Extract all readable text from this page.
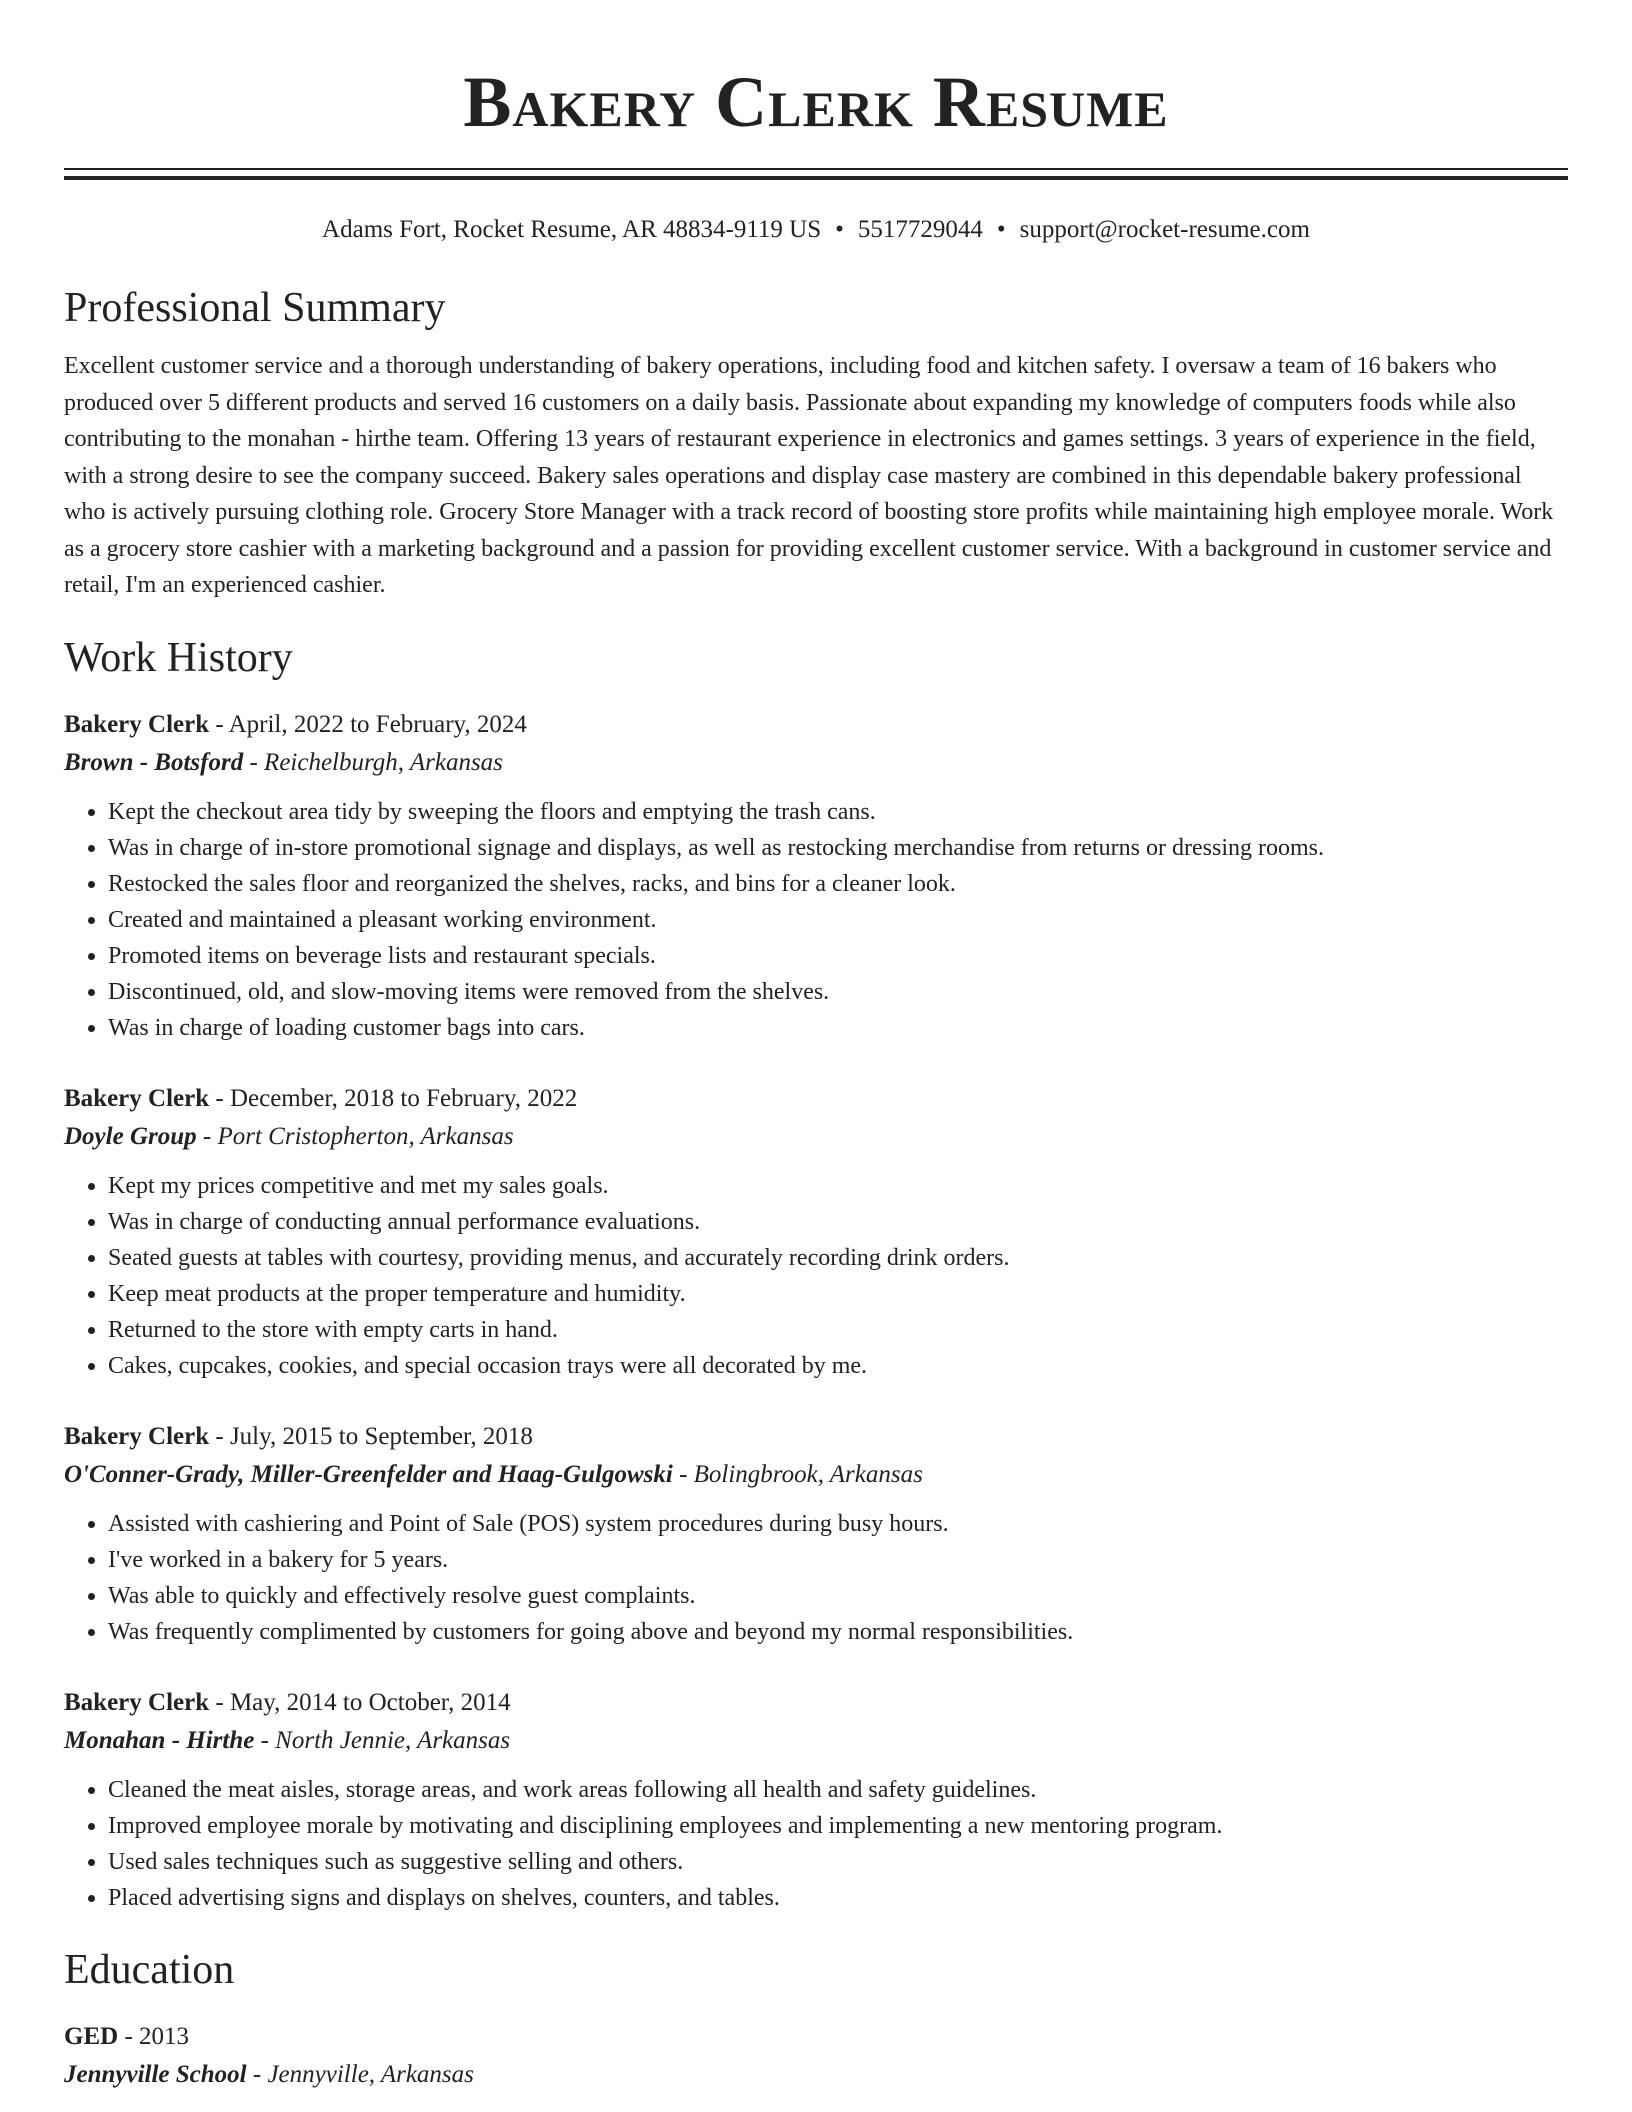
Bakery Clerk Resume
Adams Fort, Rocket Resume, AR 48834-9119 US • 5517729044 • support@rocket-resume.com
Professional Summary
Excellent customer service and a thorough understanding of bakery operations, including food and kitchen safety. I oversaw a team of 16 bakers who produced over 5 different products and served 16 customers on a daily basis. Passionate about expanding my knowledge of computers foods while also contributing to the monahan - hirthe team. Offering 13 years of restaurant experience in electronics and games settings. 3 years of experience in the field, with a strong desire to see the company succeed. Bakery sales operations and display case mastery are combined in this dependable bakery professional who is actively pursuing clothing role. Grocery Store Manager with a track record of boosting store profits while maintaining high employee morale. Work as a grocery store cashier with a marketing background and a passion for providing excellent customer service. With a background in customer service and retail, I'm an experienced cashier.
Work History
Bakery Clerk - April, 2022 to February, 2024
Brown - Botsford - Reichelburgh, Arkansas
• Kept the checkout area tidy by sweeping the floors and emptying the trash cans.
• Was in charge of in-store promotional signage and displays, as well as restocking merchandise from returns or dressing rooms.
• Restocked the sales floor and reorganized the shelves, racks, and bins for a cleaner look.
• Created and maintained a pleasant working environment.
• Promoted items on beverage lists and restaurant specials.
• Discontinued, old, and slow-moving items were removed from the shelves.
• Was in charge of loading customer bags into cars.
Bakery Clerk - December, 2018 to February, 2022
Doyle Group - Port Cristopherton, Arkansas
• Kept my prices competitive and met my sales goals.
• Was in charge of conducting annual performance evaluations.
• Seated guests at tables with courtesy, providing menus, and accurately recording drink orders.
• Keep meat products at the proper temperature and humidity.
• Returned to the store with empty carts in hand.
• Cakes, cupcakes, cookies, and special occasion trays were all decorated by me.
Bakery Clerk - July, 2015 to September, 2018
O'Conner-Grady, Miller-Greenfelder and Haag-Gulgowski - Bolingbrook, Arkansas
• Assisted with cashiering and Point of Sale (POS) system procedures during busy hours.
• I've worked in a bakery for 5 years.
• Was able to quickly and effectively resolve guest complaints.
• Was frequently complimented by customers for going above and beyond my normal responsibilities.
Bakery Clerk - May, 2014 to October, 2014
Monahan - Hirthe - North Jennie, Arkansas
• Cleaned the meat aisles, storage areas, and work areas following all health and safety guidelines.
• Improved employee morale by motivating and disciplining employees and implementing a new mentoring program.
• Used sales techniques such as suggestive selling and others.
• Placed advertising signs and displays on shelves, counters, and tables.
Education
GED - 2013
Jennyville School - Jennyville, Arkansas
